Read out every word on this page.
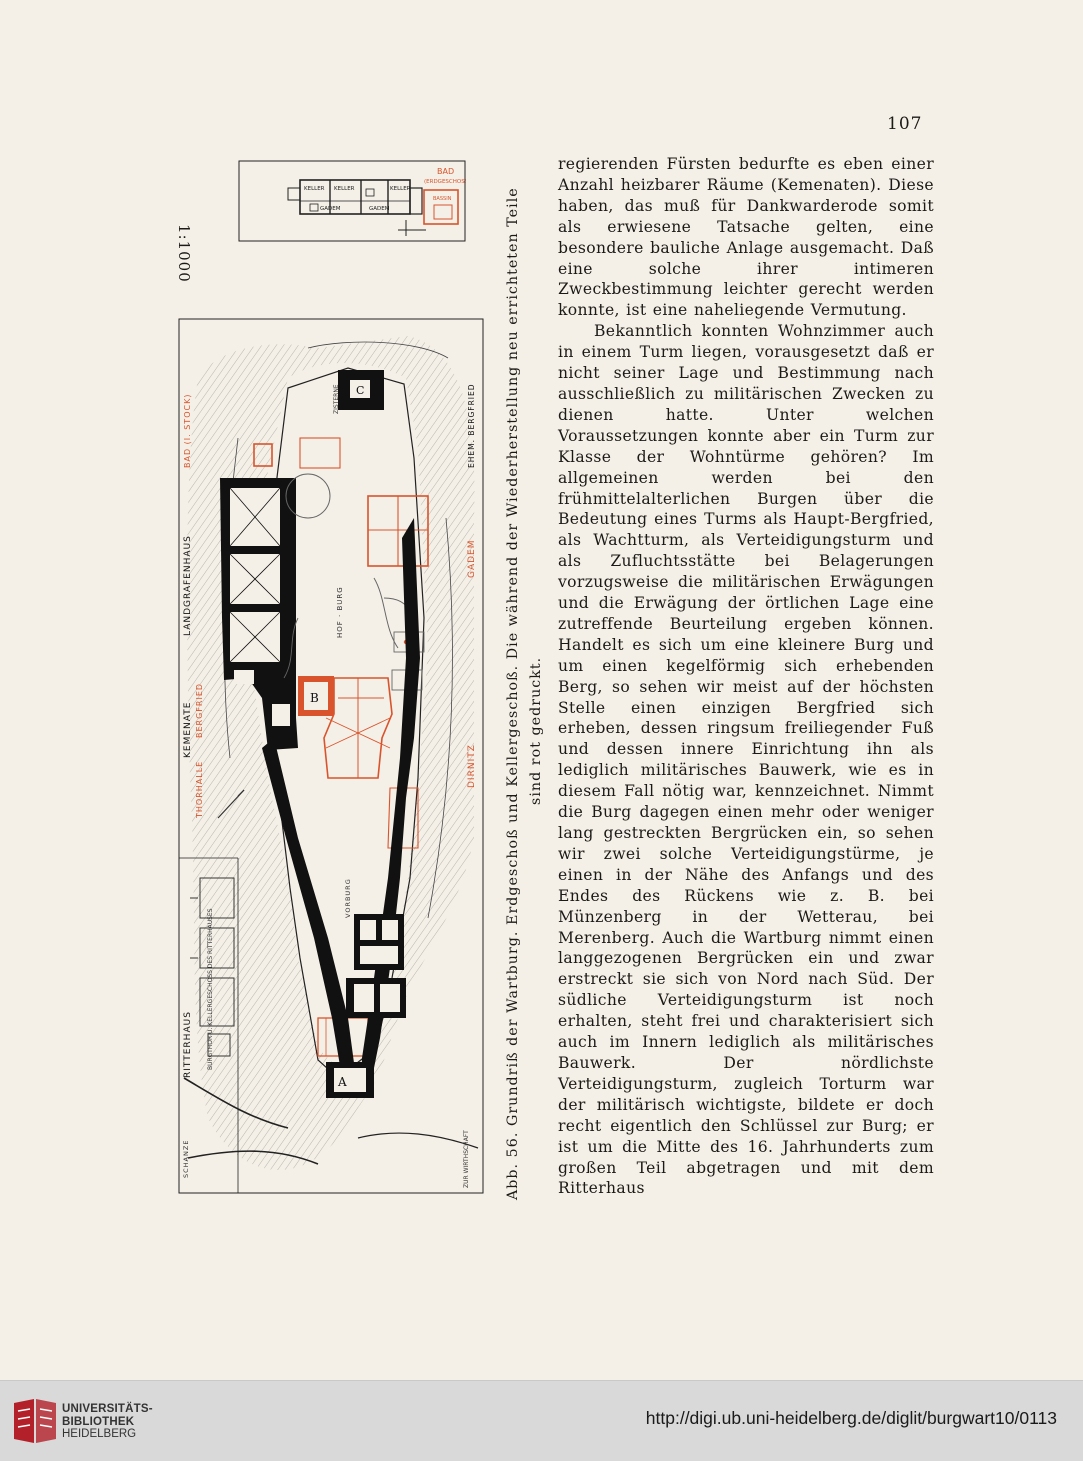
107
1:1000
BAD
(ERDGESCHOSS)
KELLER KELLER	KELLER
GADEM	GADEM
BASSIN
C
B
A
KEMENATE
LANDGRAFENHAUS
BAD (I. STOCK)
BERGFRIED
THORHALLE
GADEM
HOF · BURG
ZISTERNE
VORBURG
DIRNITZ
EHEM. BERGFRIED
RITTERHAUS BURGTHOR U. KELLERGESCHOSS DES RITTERHAUSES
SCHANZE	ZUR WIRTHSCHAFT Abb. 56. Grundriß der Wartburg. Erdgeschoß und Kellergeschoß. Die während der Wiederherstellung neu errichteten Teile sind rot gedruckt.

regierenden Fürsten bedurfte es eben einer Anzahl heizbarer Räume (Kemenaten). Diese haben, das muß für Dankwarderode somit als erwiesene Tatsache gelten, eine besondere bauliche Anlage ausgemacht. Daß eine solche ihrer intimeren Zweckbestimmung leichter gerecht werden konnte, ist eine naheliegende Vermutung.

Bekanntlich konnten Wohnzimmer auch in einem Turm liegen, vorausgesetzt daß er nicht seiner Lage und Bestimmung nach ausschließlich zu militärischen Zwecken zu dienen hatte. Unter welchen Voraussetzungen konnte aber ein Turm zur Klasse der Wohntürme gehören? Im allgemeinen werden bei den frühmittelalterlichen Burgen über die Bedeutung eines Turms als Haupt-Bergfried, als Wachtturm, als Verteidigungsturm und als Zufluchtsstätte bei Belagerungen vorzugsweise die militärischen Erwägungen und die Erwägung der örtlichen Lage eine zutreffende Beurteilung ergeben können. Handelt es sich um eine kleinere Burg und um einen kegelförmig sich erhebenden Berg, so sehen wir meist auf der höchsten Stelle einen einzigen Bergfried sich erheben, dessen ringsum freiliegender Fuß und dessen innere Einrichtung ihn als lediglich militärisches Bauwerk, wie es in diesem Fall nötig war, kennzeichnet. Nimmt die Burg dagegen einen mehr oder weniger lang gestreckten Bergrücken ein, so sehen wir zwei solche Verteidigungstürme, je einen in der Nähe des Anfangs und des Endes des Rückens wie z. B. bei Münzenberg in der Wetterau, bei Merenberg. Auch die Wartburg nimmt einen langgezogenen Bergrücken ein und zwar erstreckt sie sich von Nord nach Süd. Der südliche Verteidigungsturm ist noch erhalten, steht frei und charakterisiert sich auch im Innern lediglich als militärisches Bauwerk. Der nördlichste Verteidigungsturm, zugleich Torturm war der militärisch wichtigste, bildete er doch recht eigentlich den Schlüssel zur Burg; er ist um die Mitte des 16. Jahrhunderts zum großen Teil abgetragen und mit dem Ritterhaus

UNIVERSITÄTS-
BIBLIOTHEK
HEIDELBERG
http://digi.ub.uni-heidelberg.de/diglit/burgwart10/0113
